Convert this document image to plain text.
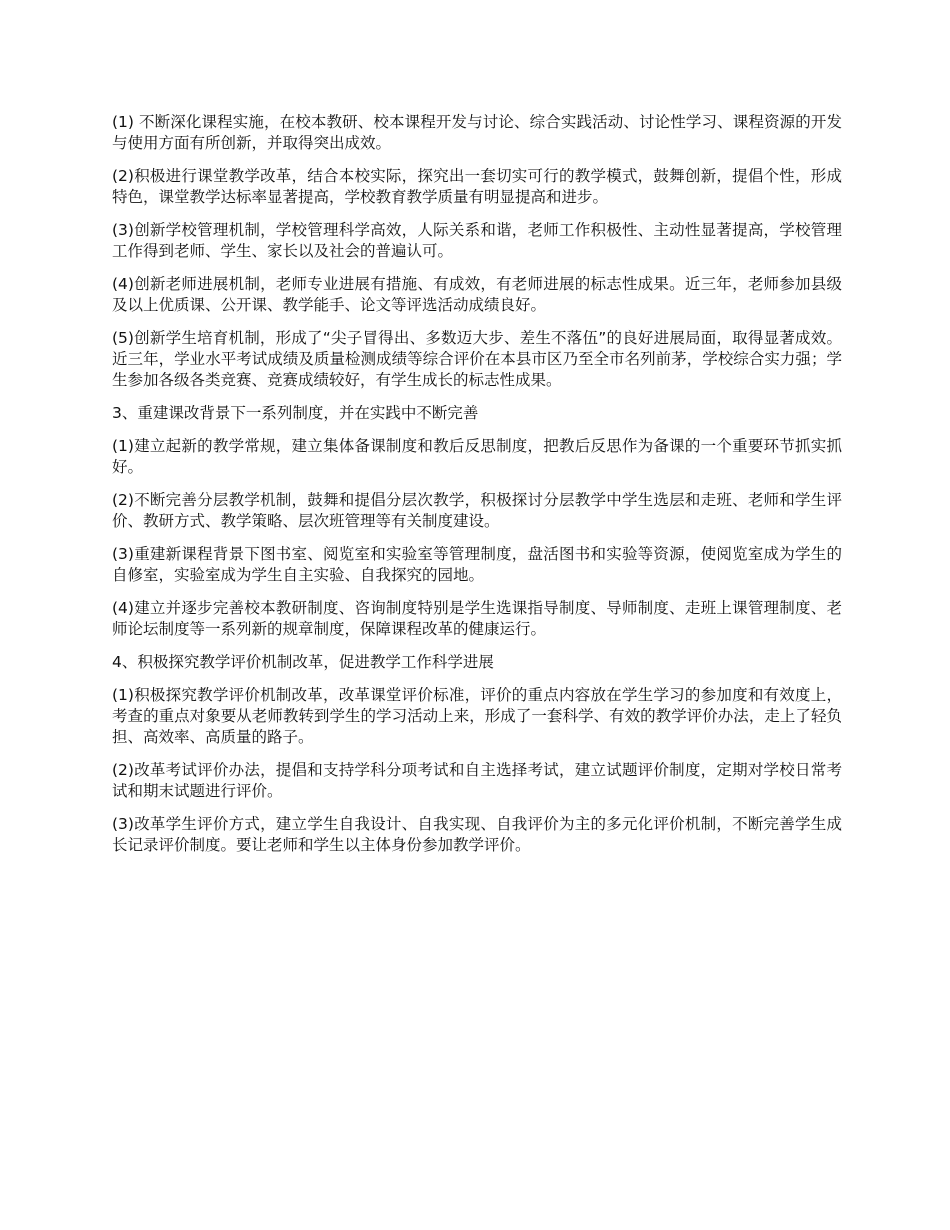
(1) 不断深化课程实施，在校本教研、校本课程开发与讨论、综合实践活动、讨论性学习、课程资源的开发与使用方面有所创新，并取得突出成效。

(2)积极进行课堂教学改革，结合本校实际，探究出一套切实可行的教学模式，鼓舞创新，提倡个性，形成特色，课堂教学达标率显著提高，学校教育教学质量有明显提高和进步。

(3)创新学校管理机制，学校管理科学高效，人际关系和谐，老师工作积极性、主动性显著提高，学校管理工作得到老师、学生、家长以及社会的普遍认可。

(4)创新老师进展机制，老师专业进展有措施、有成效，有老师进展的标志性成果。近三年，老师参加县级及以上优质课、公开课、教学能手、论文等评选活动成绩良好。

(5)创新学生培育机制，形成了“尖子冒得出、多数迈大步、差生不落伍”的良好进展局面，取得显著成效。近三年，学业水平考试成绩及质量检测成绩等综合评价在本县市区乃至全市名列前茅，学校综合实力强；学生参加各级各类竞赛、竞赛成绩较好，有学生成长的标志性成果。

3、重建课改背景下一系列制度，并在实践中不断完善

(1)建立起新的教学常规，建立集体备课制度和教后反思制度，把教后反思作为备课的一个重要环节抓实抓好。

(2)不断完善分层教学机制，鼓舞和提倡分层次教学，积极探讨分层教学中学生选层和走班、老师和学生评价、教研方式、教学策略、层次班管理等有关制度建设。

(3)重建新课程背景下图书室、阅览室和实验室等管理制度，盘活图书和实验等资源，使阅览室成为学生的自修室，实验室成为学生自主实验、自我探究的园地。

(4)建立并逐步完善校本教研制度、咨询制度特别是学生选课指导制度、导师制度、走班上课管理制度、老师论坛制度等一系列新的规章制度，保障课程改革的健康运行。

4、积极探究教学评价机制改革，促进教学工作科学进展

(1)积极探究教学评价机制改革，改革课堂评价标准，评价的重点内容放在学生学习的参加度和有效度上，考查的重点对象要从老师教转到学生的学习活动上来，形成了一套科学、有效的教学评价办法，走上了轻负担、高效率、高质量的路子。

(2)改革考试评价办法，提倡和支持学科分项考试和自主选择考试，建立试题评价制度，定期对学校日常考试和期末试题进行评价。

(3)改革学生评价方式，建立学生自我设计、自我实现、自我评价为主的多元化评价机制，不断完善学生成长记录评价制度。要让老师和学生以主体身份参加教学评价。
